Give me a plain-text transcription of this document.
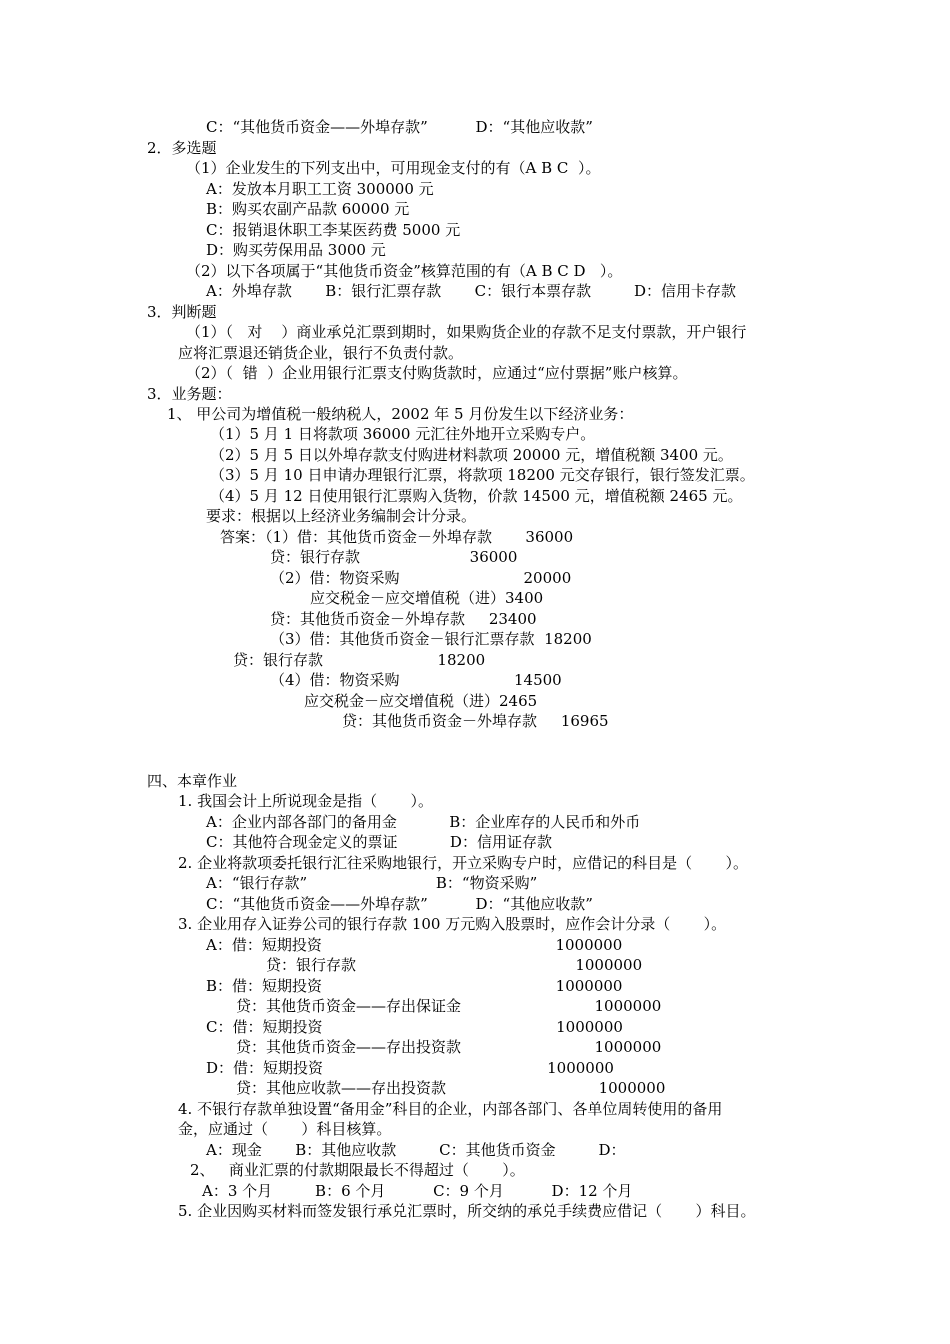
C：“其他货币资金——外埠存款”          D：“其他应收款”
2．多选题
（1）企业发生的下列支出中，可用现金支付的有（A B C  ）。
A：发放本月职工工资 300000 元
B：购买农副产品款 60000 元
C：报销退休职工李某医药费 5000 元
D：购买劳保用品 3000 元
（2）以下各项属于“其他货币资金”核算范围的有（A B C D   ）。
A：外埠存款       B：银行汇票存款       C：银行本票存款         D：信用卡存款
3．判断题
（1）（   对    ）商业承兑汇票到期时，如果购货企业的存款不足支付票款，开户银行
应将汇票退还销货企业，银行不负责付款。
（2）（  错  ）企业用银行汇票支付购货款时，应通过“应付票据”账户核算。
3．业务题：
1、 甲公司为增值税一般纳税人，2002 年 5 月份发生以下经济业务：
（1）5 月 1 日将款项 36000 元汇往外地开立采购专户。
（2）5 月 5 日以外埠存款支付购进材料款项 20000 元，增值税额 3400 元。
（3）5 月 10 日申请办理银行汇票，将款项 18200 元交存银行，银行签发汇票。
（4）5 月 12 日使用银行汇票购入货物，价款 14500 元，增值税额 2465 元。
要求：根据以上经济业务编制会计分录。
答案：（1）借：其他货币资金－外埠存款       36000
贷：银行存款                       36000
（2）借：物资采购                          20000
应交税金－应交增值税（进）3400
贷：其他货币资金－外埠存款     23400
（3）借：其他货币资金－银行汇票存款  18200
贷：银行存款                        18200
（4）借：物资采购                        14500
应交税金－应交增值税（进）2465
贷：其他货币资金－外埠存款     16965
四、本章作业
1. 我国会计上所说现金是指（       ）。
A：企业内部各部门的备用金           B：企业库存的人民币和外币
C：其他符合现金定义的票证           D：信用证存款
2. 企业将款项委托银行汇往采购地银行，开立采购专户时，应借记的科目是（       ）。
A：“银行存款”                           B：“物资采购”
C：“其他货币资金——外埠存款”          D：“其他应收款”
3. 企业用存入证券公司的银行存款 100 万元购入股票时，应作会计分录（       ）。
A：借：短期投资                                                 1000000
贷：银行存款                                              1000000
B：借：短期投资                                                 1000000
贷：其他货币资金——存出保证金                            1000000
C：借：短期投资                                                 1000000
贷：其他货币资金——存出投资款                            1000000
D：借：短期投资                                               1000000
贷：其他应收款——存出投资款                                1000000
4. 不银行存款单独设置“备用金”科目的企业，内部各部门、各单位周转使用的备用
金，应通过（       ）科目核算。
A：现金       B：其他应收款         C：其他货币资金         D：
2、   商业汇票的付款期限最长不得超过（       ）。
A：3 个月         B：6 个月          C：9 个月          D：12 个月
5. 企业因购买材料而签发银行承兑汇票时，所交纳的承兑手续费应借记（       ）科目。
